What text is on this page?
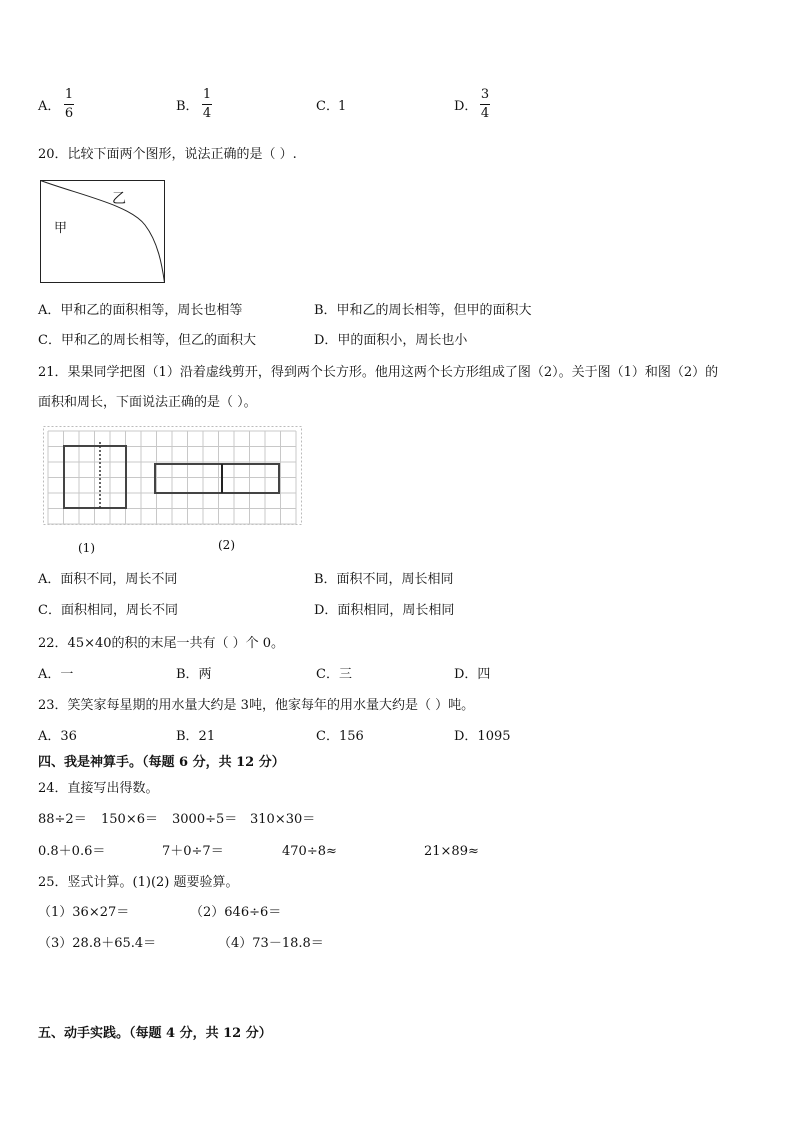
A．
1
6	B．
1
4	C． 1	D．
3
4
20．比较下面两个图形，说法正确的是（ ）.
乙
甲
A．甲和乙的面积相等，周长也相等	B．甲和乙的周长相等，但甲的面积大
C．甲和乙的周长相等，但乙的面积大	D．甲的面积小，周长也小
21．果果同学把图（1）沿着虚线剪开，得到两个长方形。他用这两个长方形组成了图（2）。关于图（1）和图（2）的
面积和周长，下面说法正确的是（ ）。
(1)	(2)
A．面积不同，周长不同	B．面积不同，周长相同
C．面积相同，周长不同	D．面积相同，周长相同
22．45×40的积的末尾一共有（ ）个 0。
A．一	B．两	C．三	D．四
23．笑笑家每星期的用水量大约是 3吨，他家每年的用水量大约是（ ）吨。
A．36	B．21	C．156	D．1095
四、我是神算手。（每题 6 分，共 12 分）
24．直接写出得数。
88÷2＝ 150×6＝ 3000÷5＝ 310×30＝
0.8＋0.6＝	7＋0÷7＝	470÷8≈	21×89≈
25．竖式计算。(1)(2) 题要验算。
（1）36×27＝	（2）646÷6＝
（3）28.8＋65.4＝	（4）73－18.8＝
五、动手实践。（每题 4 分，共 12 分）
